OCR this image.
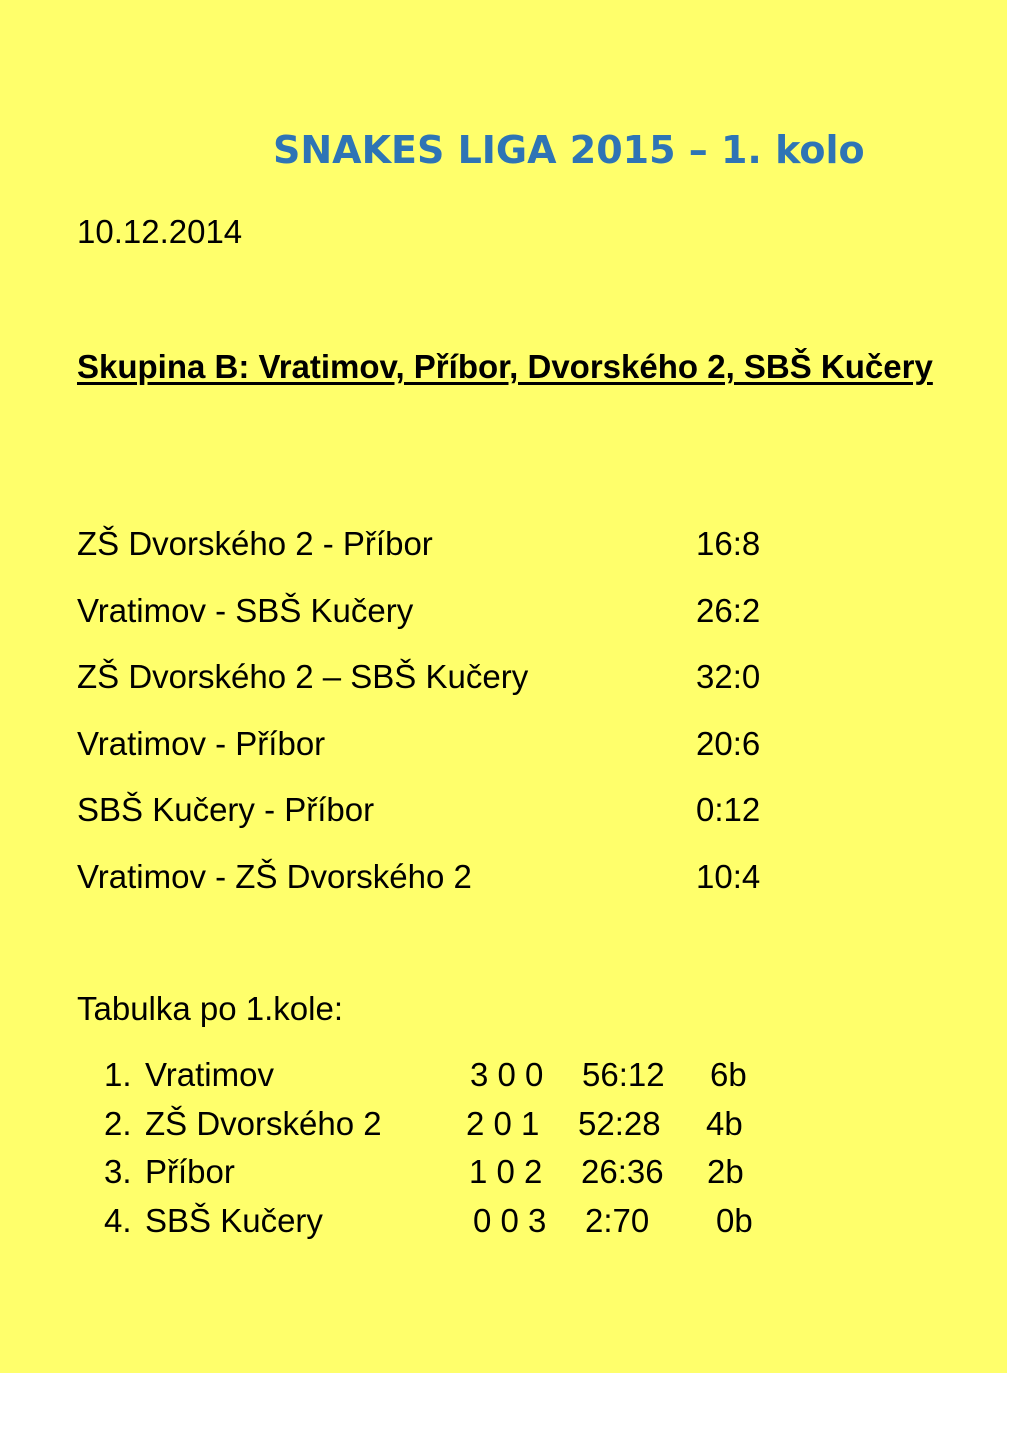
SNAKES LIGA 2015 – 1. kolo
10.12.2014
Skupina B: Vratimov, Příbor, Dvorského 2, SBŠ Kučery
ZŠ Dvorského 2 - Příbor	16:8
Vratimov - SBŠ Kučery	26:2
ZŠ Dvorského 2 – SBŠ Kučery	32:0
Vratimov - Příbor	20:6
SBŠ Kučery - Příbor	0:12
Vratimov - ZŠ Dvorského 2	10:4
Tabulka po 1.kole:
1. Vratimov	3 0 0 56:12 6b
2. ZŠ Dvorského 2	2 0 1 52:28 4b
3. Příbor	1 0 2 26:36 2b
4. SBŠ Kučery	0 0 3 2:70 0b
